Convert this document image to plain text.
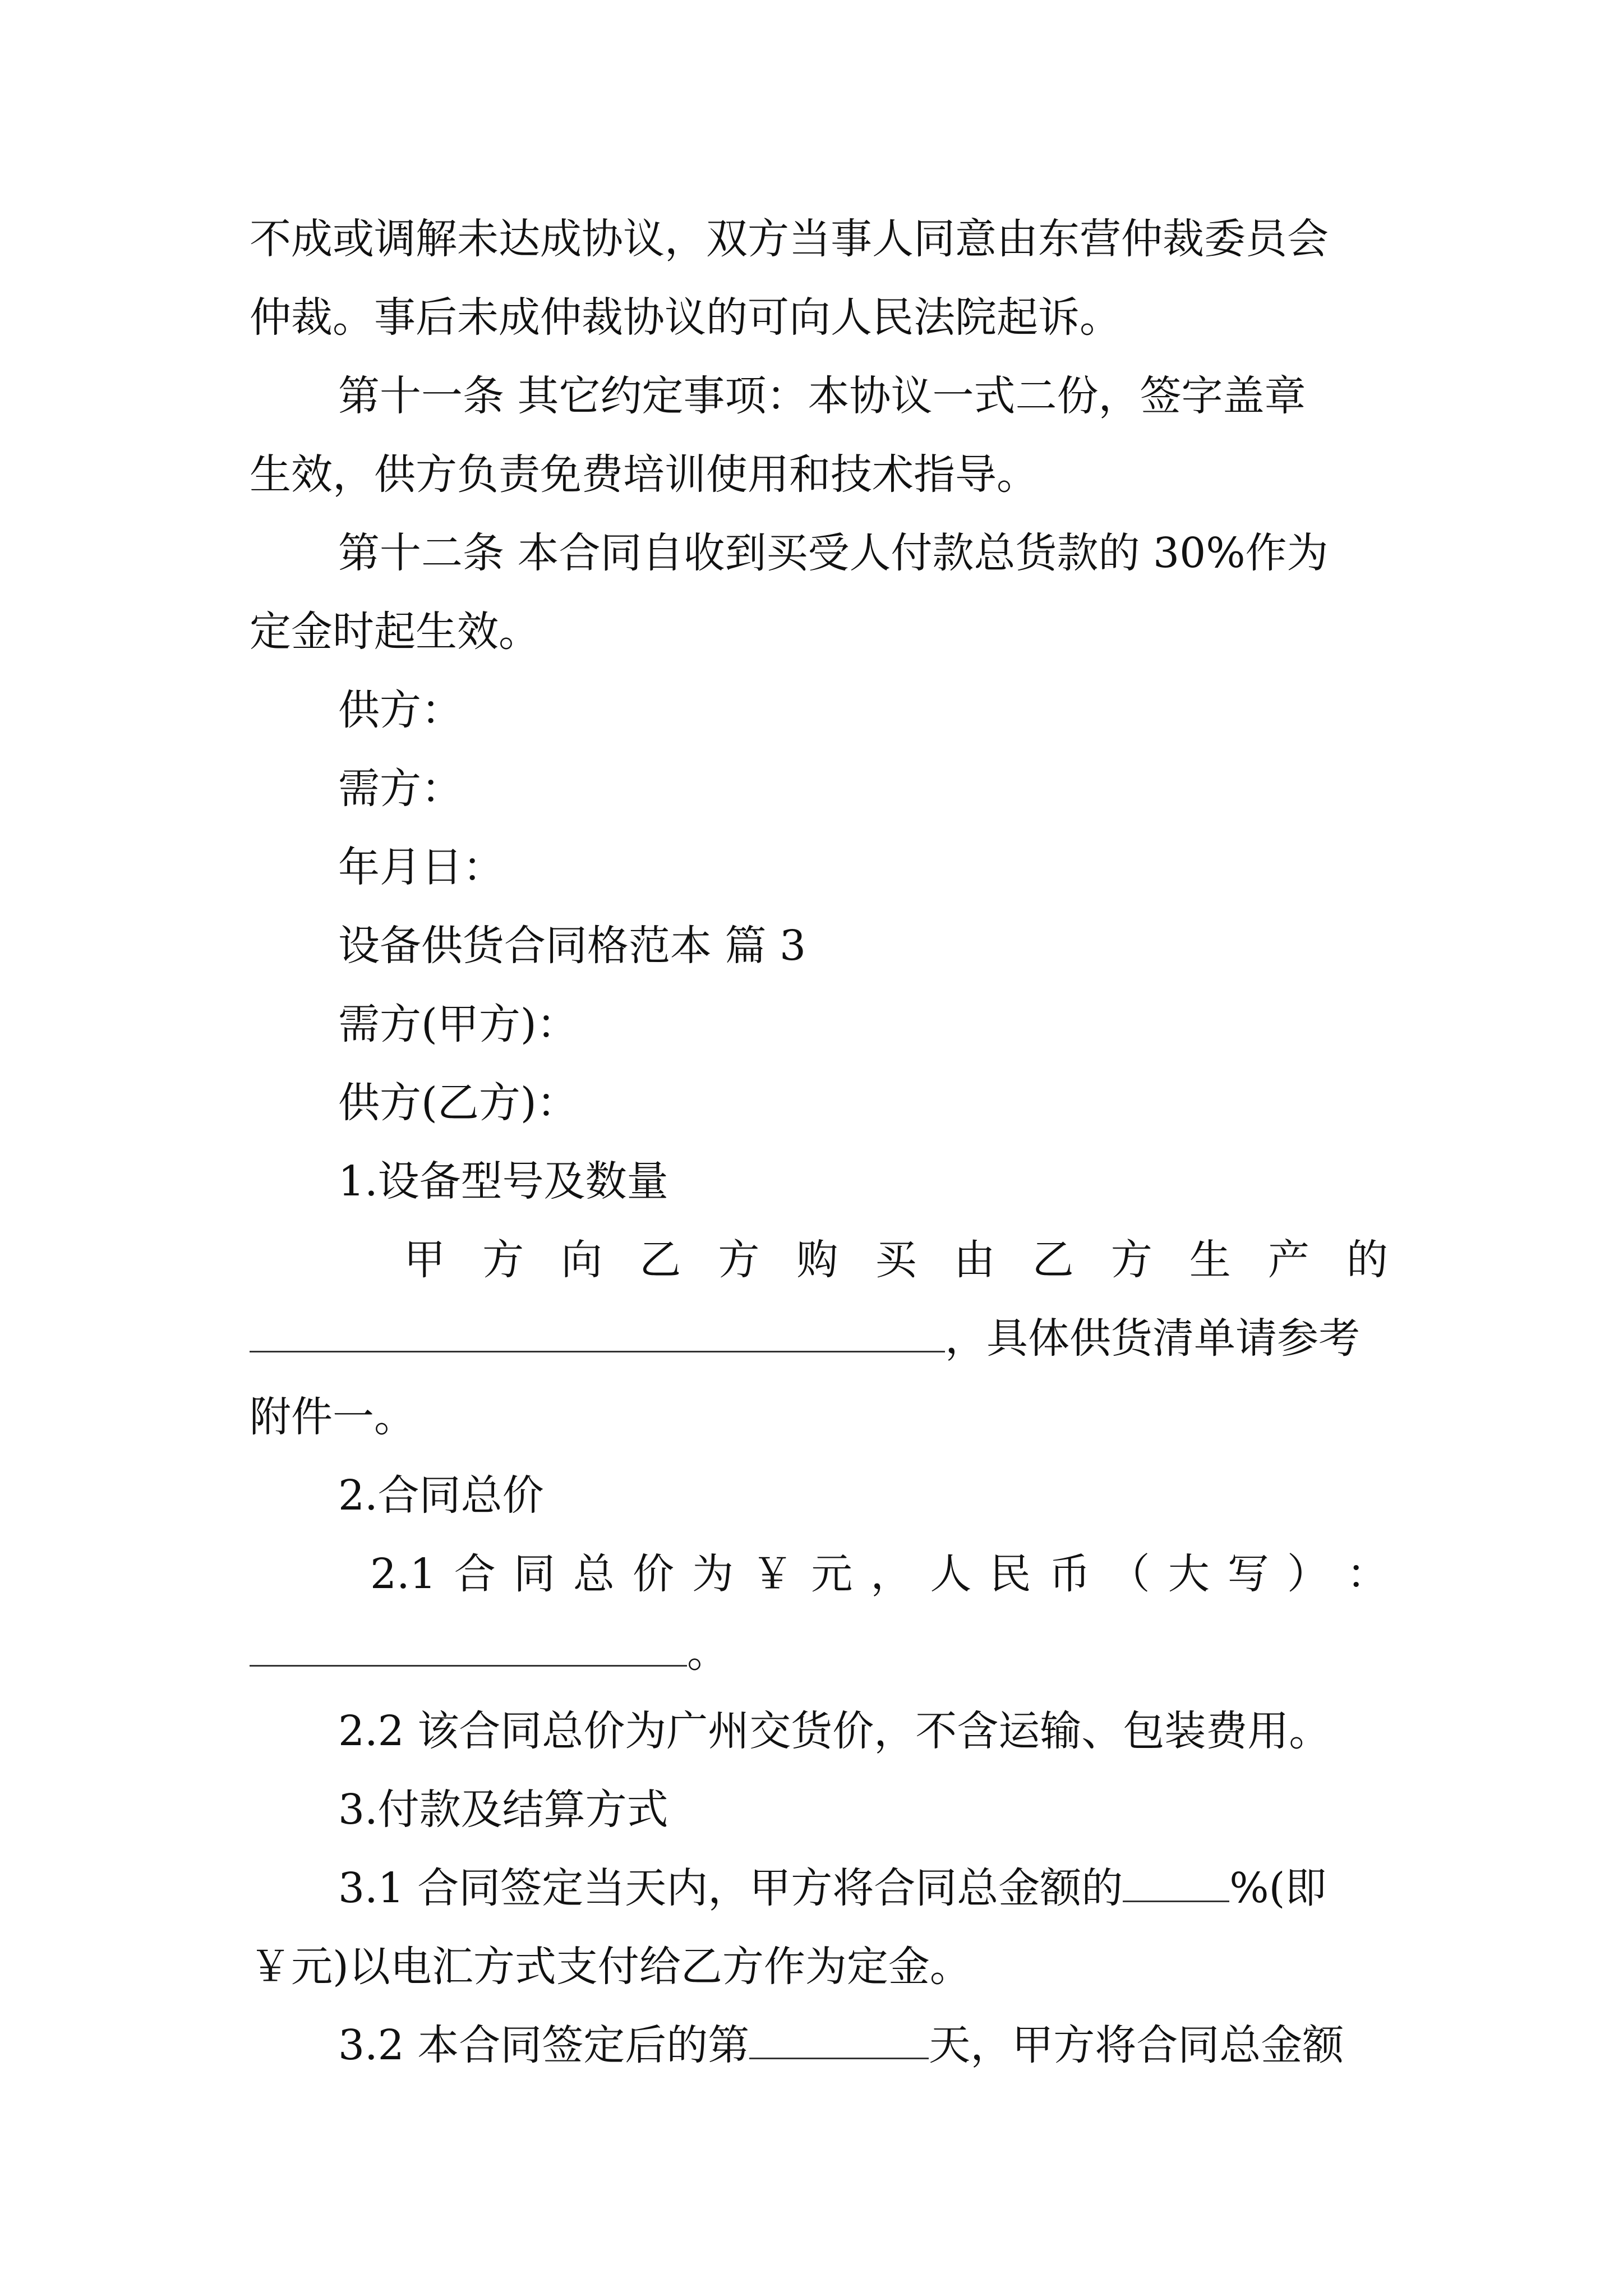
不成或调解未达成协议，双方当事人同意由东营仲裁委员会
仲裁。事后未成仲裁协议的可向人民法院起诉。
第十一条 其它约定事项：本协议一式二份，签字盖章
生效，供方负责免费培训使用和技术指导。
第十二条 本合同自收到买受人付款总货款的 30%作为
定金时起生效。
供方：
需方：
年月日：
设备供货合同格范本 篇 3
需方(甲方)：
供方(乙方)：
1.设备型号及数量
甲 方 向 乙 方 购 买 由 乙 方 生 产 的
，具体供货清单请参考
附件一。
2.合同总价
2.1 合 同 总 价 为 ￥ 元 ， 人 民 币 （ 大 写 ） ：
。
2.2 该合同总价为广州交货价，不含运输、包装费用。
3.付款及结算方式
3.1 合同签定当天内，甲方将合同总金额的	%(即
￥元)以电汇方式支付给乙方作为定金。
3.2 本合同签定后的第	天，甲方将合同总金额
